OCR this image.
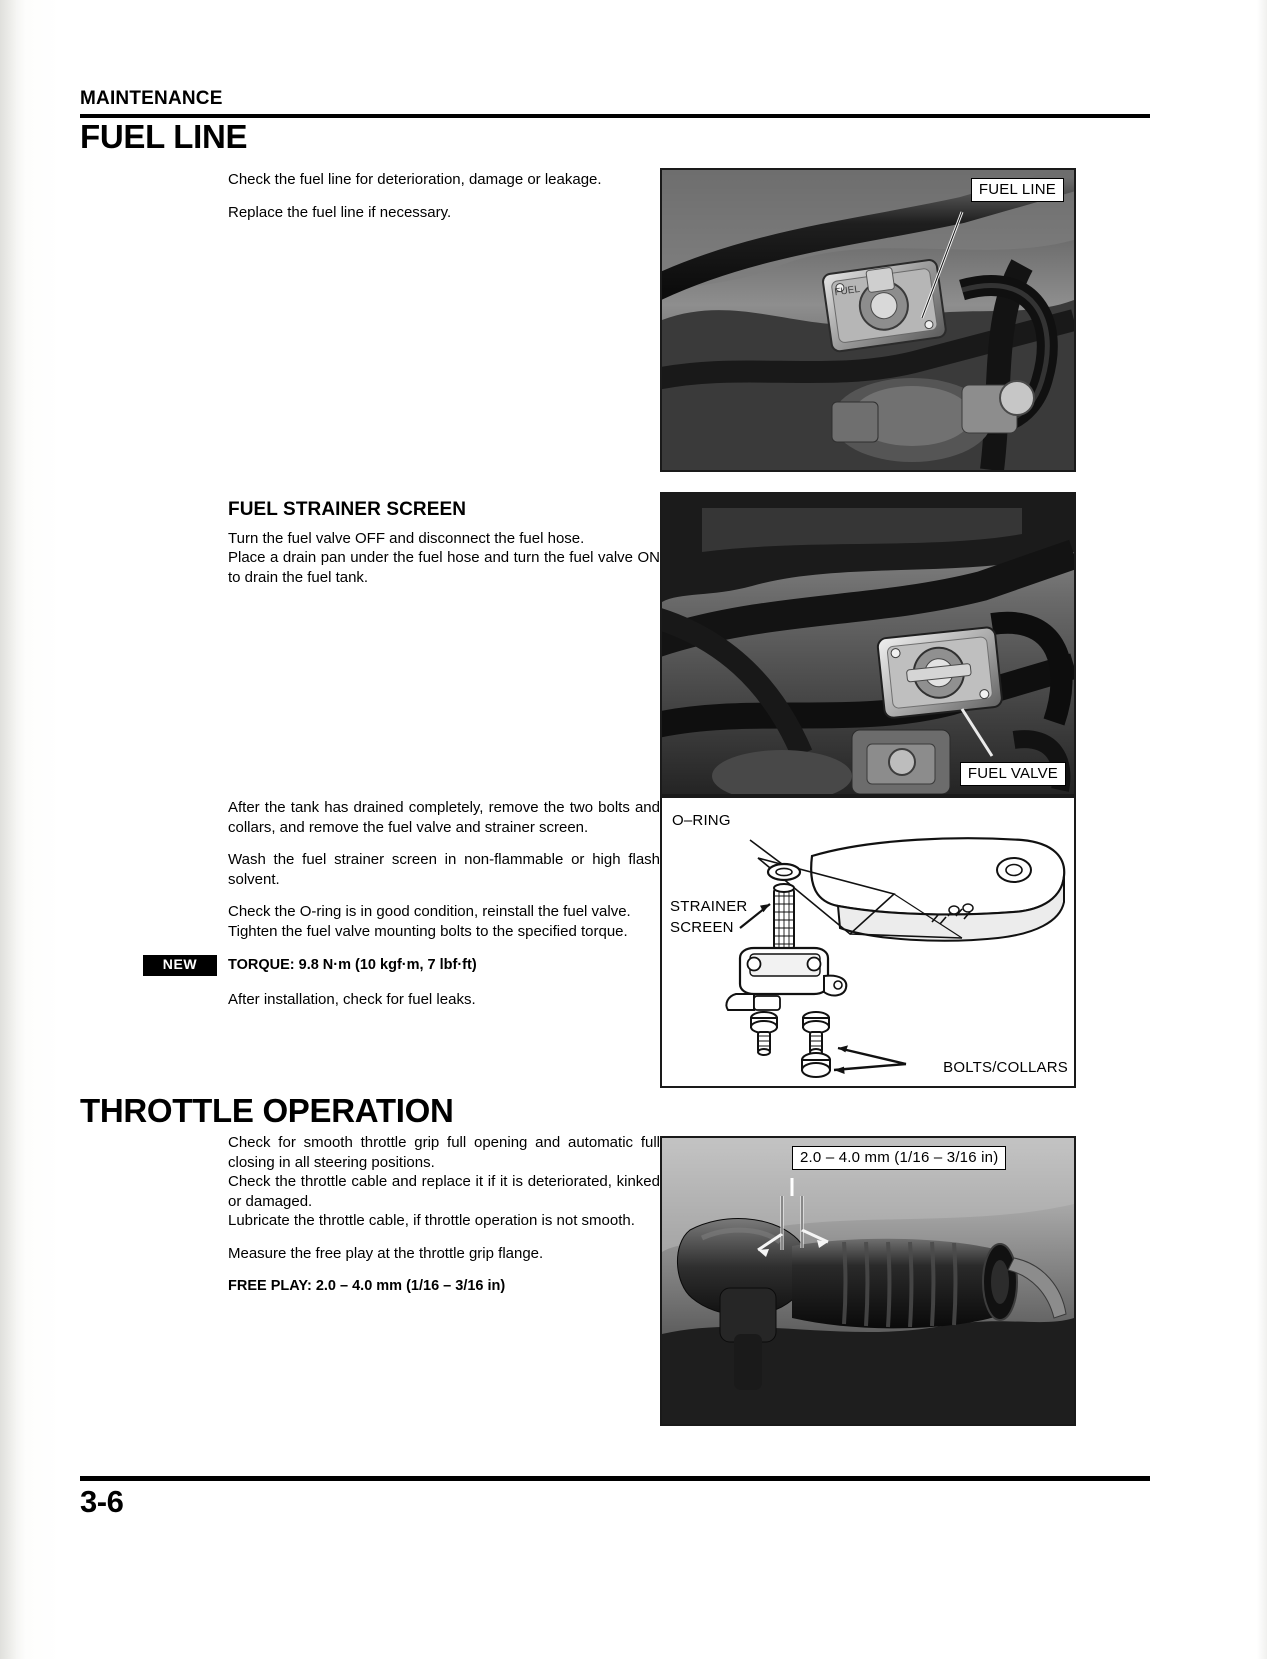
MAINTENANCE
FUEL LINE

Check the fuel line for deterioration, damage or leakage.

Replace the fuel line if necessary.

FUEL STRAINER SCREEN

Turn the fuel valve OFF and disconnect the fuel hose.

Place a drain pan under the fuel hose and turn the fuel valve ON to drain the fuel tank.

After the tank has drained completely, remove the two bolts and collars, and remove the fuel valve and strainer screen.

Wash the fuel strainer screen in non-flammable or high flash solvent.

Check the O-ring is in good condition, reinstall the fuel valve.

Tighten the fuel valve mounting bolts to the specified torque.

NEW	TORQUE: 9.8 N·m (10 kgf·m, 7 lbf·ft)

After installation, check for fuel leaks.

THROTTLE OPERATION

Check for smooth throttle grip full opening and automatic full closing in all steering positions.

Check the throttle cable and replace it if it is deteriorated, kinked or damaged.

Lubricate the throttle cable, if throttle operation is not smooth.

Measure the free play at the throttle grip flange.

FREE PLAY: 2.0 – 4.0 mm (1/16 – 3/16 in)
FUEL
FUEL LINE
FUEL VALVE
O–RING
STRAINER
SCREEN
BOLTS/COLLARS
2.0 – 4.0 mm (1/16 – 3/16 in)
3-6
